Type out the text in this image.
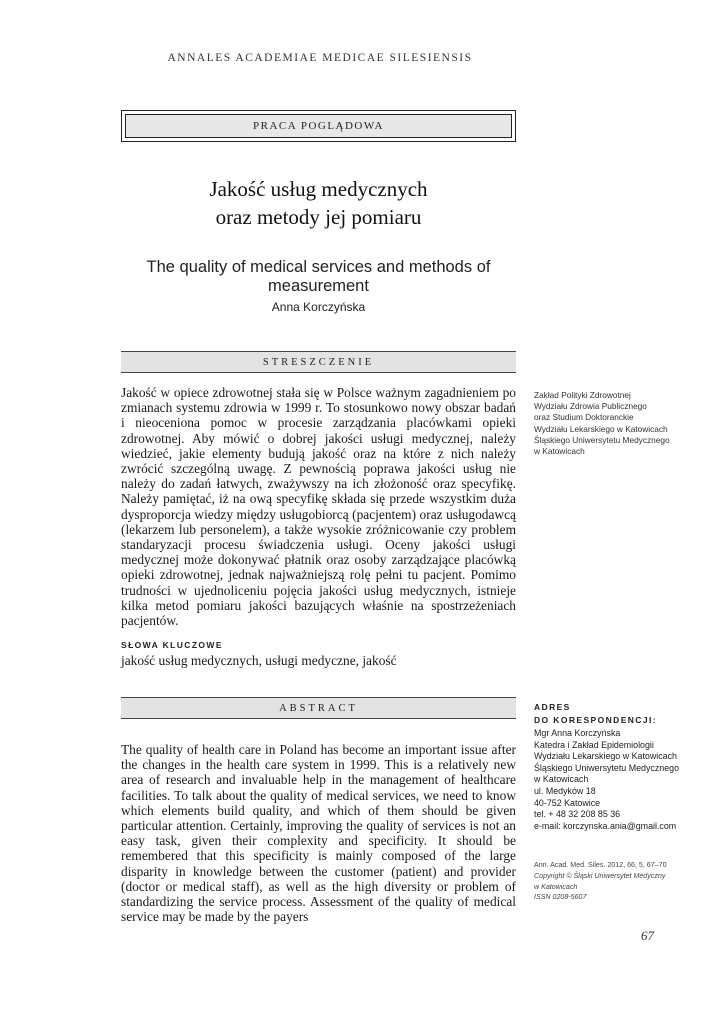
ANNALES ACADEMIAE MEDICAE SILESIENSIS
PRACA POGLĄDOWA
Jakość usług medycznych
oraz metody jej pomiaru
The quality of medical services and methods of measurement
Anna Korczyńska
STRESZCZENIE
Jakość w opiece zdrowotnej stała się w Polsce ważnym zagadnieniem po zmianach systemu zdrowia w 1999 r. To stosunkowo nowy obszar badań i nieoceniona pomoc w procesie zarządzania placówkami opieki zdrowotnej. Aby mówić o dobrej jakości usługi medycznej, należy wiedzieć, jakie elementy budują jakość oraz na które z nich należy zwrócić szczególną uwagę. Z pewnością poprawa jakości usług nie należy do zadań łatwych, zważywszy na ich złożoność oraz specyfikę. Należy pamiętać, iż na ową specyfikę składa się przede wszystkim duża dysproporcja wiedzy między usługobiorcą (pacjentem) oraz usługodawcą (lekarzem lub personelem), a także wysokie zróżnicowanie czy problem standaryzacji procesu świadczenia usługi. Oceny jakości usługi medycznej może dokonywać płatnik oraz osoby zarządzające placówką opieki zdrowotnej, jednak najważniejszą rolę pełni tu pacjent. Pomimo trudności w ujednoliceniu pojęcia jakości usług medycznych, istnieje kilka metod pomiaru jakości bazujących właśnie na spostrzeżeniach pacjentów.
SŁOWA KLUCZOWE
jakość usług medycznych, usługi medyczne, jakość
ABSTRACT
The quality of health care in Poland has become an important issue after the changes in the health care system in 1999. This is a relatively new area of research and invaluable help in the management of healthcare facilities. To talk about the quality of medical services, we need to know which elements build quality, and which of them should be given particular attention. Certainly, improving the quality of services is not an easy task, given their complexity and specificity. It should be remembered that this specificity is mainly composed of the large disparity in knowledge between the customer (patient) and provider (doctor or medical staff), as well as the high diversity or problem of standardizing the service process. Assessment of the quality of medical service may be made by the payers
Zakład Polityki Zdrowotnej
Wydziału Zdrowia Publicznego
oraz Studium Doktoranckie
Wydziału Lekarskiego w Katowicach
Śląskiego Uniwersytetu Medycznego
w Katowicach
ADRES
DO KORESPONDENCJI:
Mgr Anna Korczyńska
Katedra i Zakład Epidemiologii
Wydziału Lekarskiego w Katowicach
Śląskiego Uniwersytetu Medycznego
w Katowicach
ul. Medyków 18
40-752 Katowice
tel. + 48 32 208 85 36
e-mail: korczynska.ania@gmail.com
Ann. Acad. Med. Siles. 2012, 66, 5, 67–70
Copyright © Śląski Uniwersytet Medyczny
w Katowicach
ISSN 0208-5607
67
